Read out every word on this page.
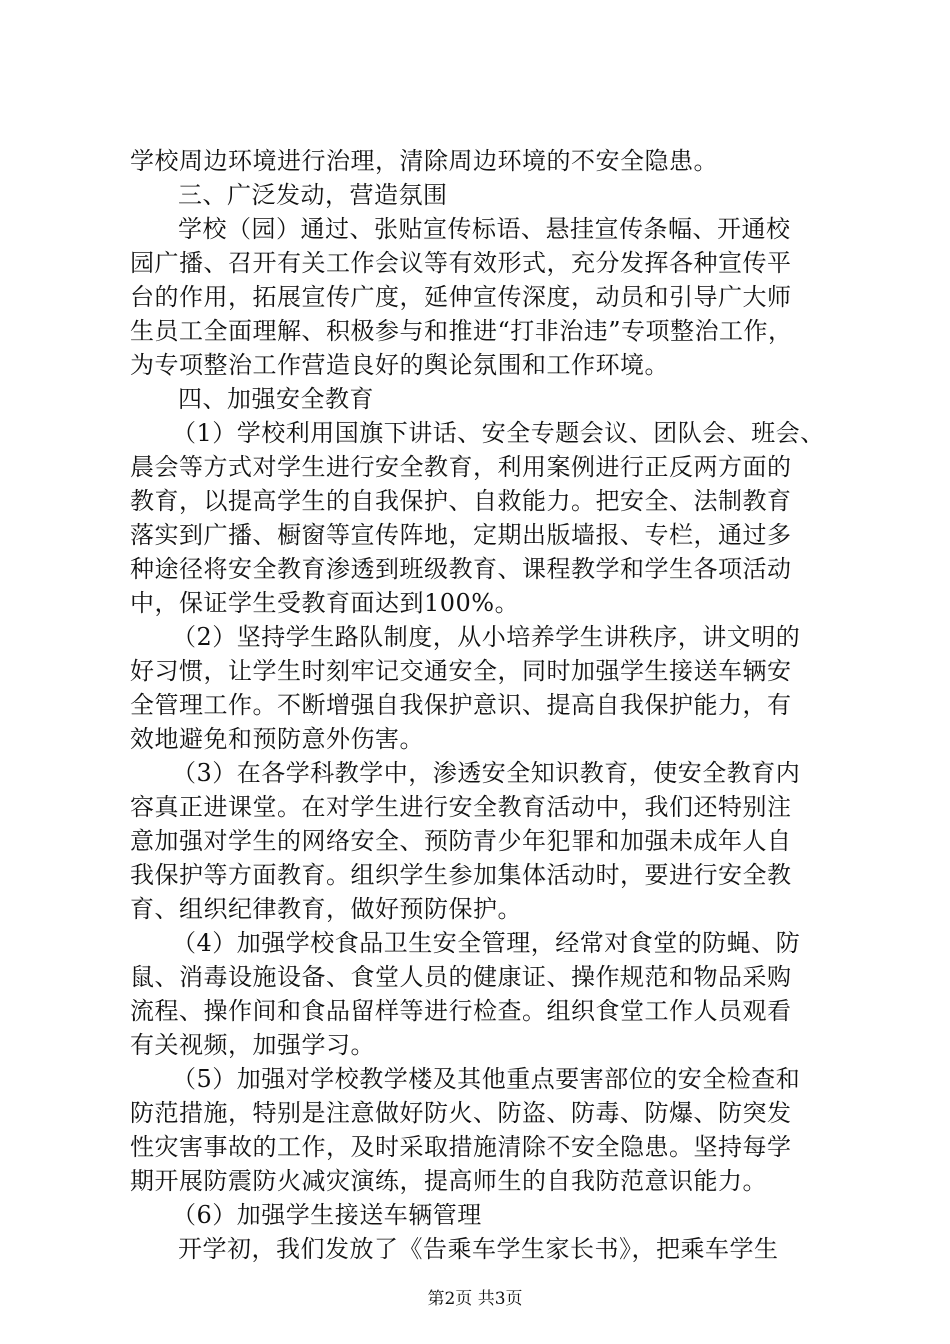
学校周边环境进行治理，清除周边环境的不安全隐患。

三、广泛发动，营造氛围

学校（园）通过、张贴宣传标语、悬挂宣传条幅、开通校

园广播、召开有关工作会议等有效形式，充分发挥各种宣传平

台的作用，拓展宣传广度，延伸宣传深度，动员和引导广大师

生员工全面理解、积极参与和推进“打非治违”专项整治工作，

为专项整治工作营造良好的舆论氛围和工作环境。

四、加强安全教育

（1）学校利用国旗下讲话、安全专题会议、团队会、班会、

晨会等方式对学生进行安全教育，利用案例进行正反两方面的

教育，以提高学生的自我保护、自救能力。把安全、法制教育

落实到广播、橱窗等宣传阵地，定期出版墙报、专栏，通过多

种途径将安全教育渗透到班级教育、课程教学和学生各项活动

中，保证学生受教育面达到100%。

（2）坚持学生路队制度，从小培养学生讲秩序，讲文明的

好习惯，让学生时刻牢记交通安全，同时加强学生接送车辆安

全管理工作。不断增强自我保护意识、提高自我保护能力，有

效地避免和预防意外伤害。

（3）在各学科教学中，渗透安全知识教育，使安全教育内

容真正进课堂。在对学生进行安全教育活动中，我们还特别注

意加强对学生的网络安全、预防青少年犯罪和加强未成年人自

我保护等方面教育。组织学生参加集体活动时，要进行安全教

育、组织纪律教育，做好预防保护。

（4）加强学校食品卫生安全管理，经常对食堂的防蝇、防

鼠、消毒设施设备、食堂人员的健康证、操作规范和物品采购

流程、操作间和食品留样等进行检查。组织食堂工作人员观看

有关视频，加强学习。

（5）加强对学校教学楼及其他重点要害部位的安全检查和

防范措施，特别是注意做好防火、防盗、防毒、防爆、防突发

性灾害事故的工作，及时采取措施清除不安全隐患。坚持每学

期开展防震防火减灾演练，提高师生的自我防范意识能力。

（6）加强学生接送车辆管理

开学初，我们发放了《告乘车学生家长书》，把乘车学生

第2页 共3页
